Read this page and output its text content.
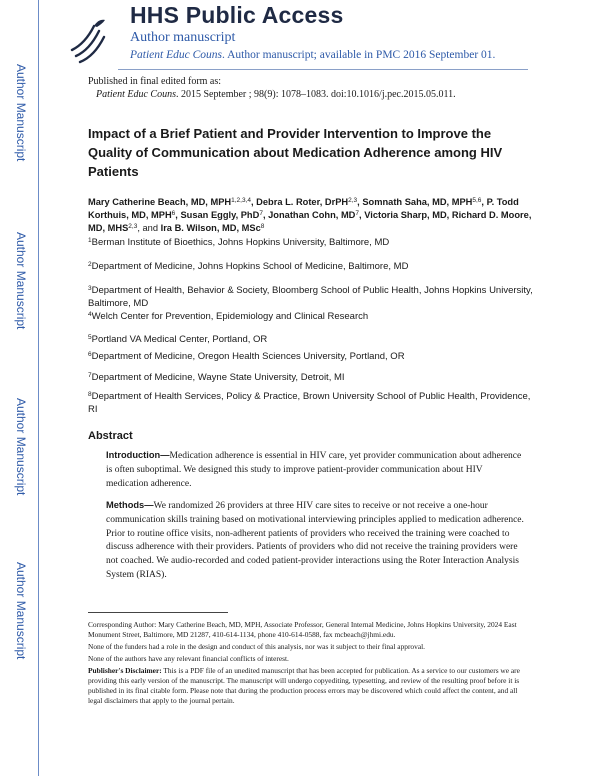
HHS Public Access
Author manuscript
Patient Educ Couns. Author manuscript; available in PMC 2016 September 01.
Author Manuscript
Author Manuscript
Author Manuscript
Author Manuscript
Published in final edited form as:
Patient Educ Couns. 2015 September ; 98(9): 1078–1083. doi:10.1016/j.pec.2015.05.011.
Impact of a Brief Patient and Provider Intervention to Improve the Quality of Communication about Medication Adherence among HIV Patients
Mary Catherine Beach, MD, MPH$^{1,2,3,4}$, Debra L. Roter, DrPH$^{2,3}$, Somnath Saha, MD, MPH$^{5,6}$, P. Todd Korthuis, MD, MPH$^6$, Susan Eggly, PhD$^7$, Jonathan Cohn, $MD^7$, Victoria Sharp, MD, Richard D. Moore, MD, MHS$^{2,3}$, and Ira B. Wilson, MD, MSc$^8$
$^1$Berman Institute of Bioethics, Johns Hopkins University, Baltimore, MD
$^2$Department of Medicine, Johns Hopkins School of Medicine, Baltimore, MD
$^3$Department of Health, Behavior & Society, Bloomberg School of Public Health, Johns Hopkins University, Baltimore, MD
$^4$Welch Center for Prevention, Epidemiology and Clinical Research
$^5$Portland VA Medical Center, Portland, OR
$^6$Department of Medicine, Oregon Health Sciences University, Portland, OR
$^7$Department of Medicine, Wayne State University, Detroit, MI
$^8$Department of Health Services, Policy & Practice, Brown University School of Public Health, Providence, RI
Abstract

Introduction—Medication adherence is essential in HIV care, yet provider communication about adherence is often suboptimal. We designed this study to improve patient-provider communication about HIV medication adherence.

Methods—We randomized 26 providers at three HIV care sites to receive or not receive a one-hour communication skills training based on motivational interviewing principles applied to medication adherence. Prior to routine office visits, non-adherent patients of providers who received the training were coached to discuss adherence with their providers. Patients of providers who did not receive the training providers were not coached. We audio-recorded and coded patient-provider interactions using the Roter Interaction Analysis System (RIAS).

Corresponding Author: Mary Catherine Beach, MD, MPH, Associate Professor, General Internal Medicine, Johns Hopkins University, 2024 East Monument Street, Baltimore, MD 21287, 410-614-1134, phone 410-614-0588, fax mcbeach@jhmi.edu.

None of the funders had a role in the design and conduct of this analysis, nor was it subject to their final approval.

None of the authors have any relevant financial conflicts of interest.

Publisher's Disclaimer: This is a PDF file of an unedited manuscript that has been accepted for publication. As a service to our customers we are providing this early version of the manuscript. The manuscript will undergo copyediting, typesetting, and review of the resulting proof before it is published in its final citable form. Please note that during the production process errors may be discovered which could affect the content, and all legal disclaimers that apply to the journal pertain.
